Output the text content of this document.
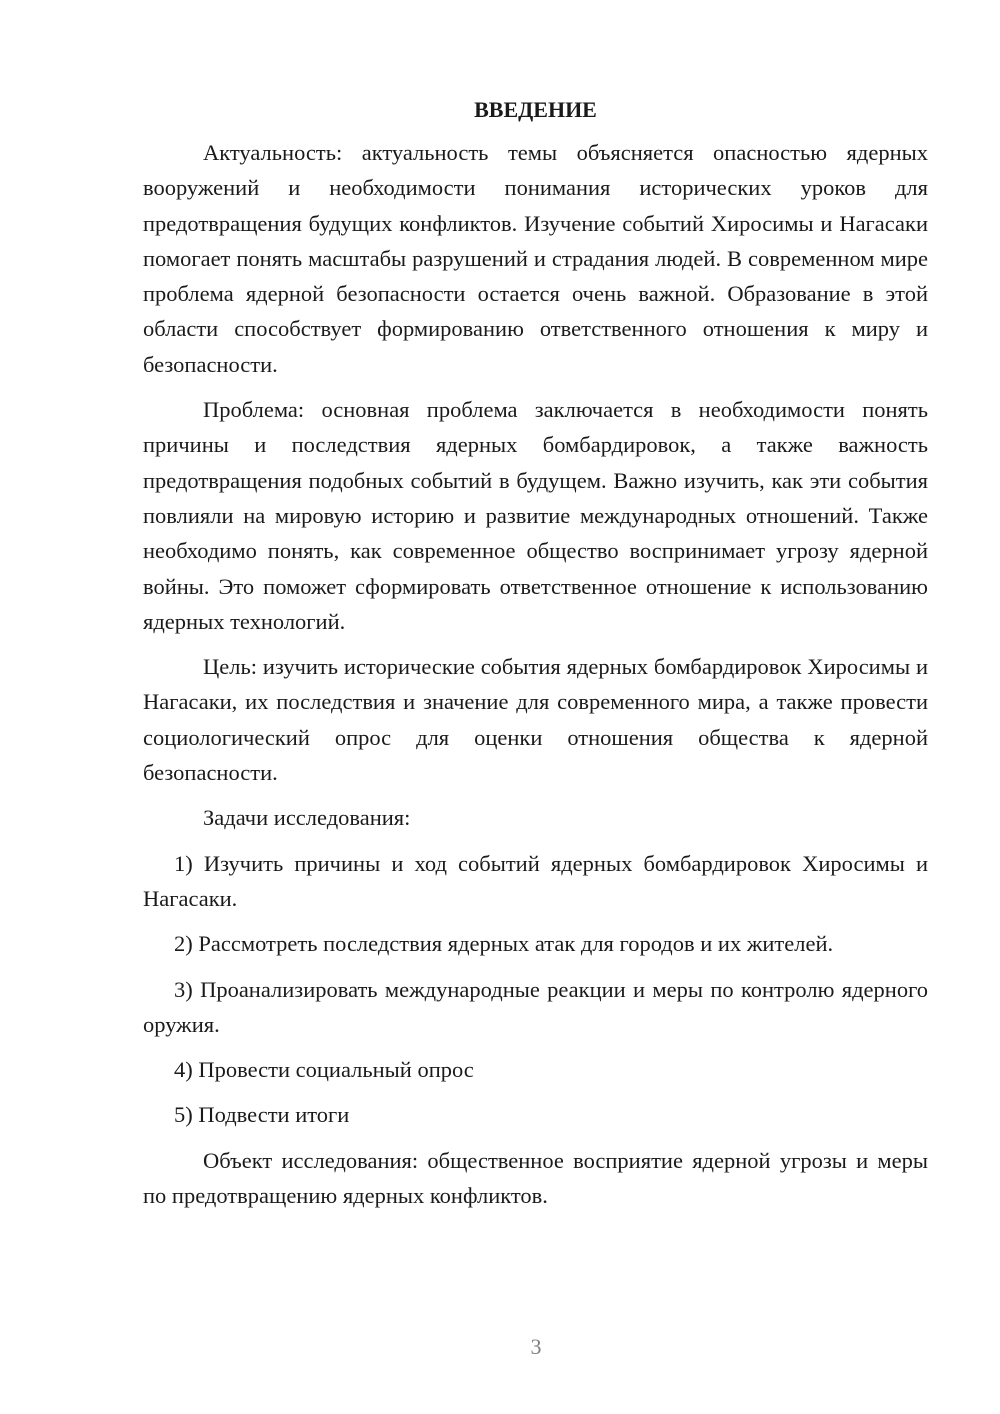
ВВЕДЕНИЕ

Актуальность: актуальность темы объясняется опасностью ядерных вооружений и необходимости понимания исторических уроков для предотвращения будущих конфликтов. Изучение событий Хиросимы и Нагасаки помогает понять масштабы разрушений и страдания людей. В современном мире проблема ядерной безопасности остается очень важной. Образование в этой области способствует формированию ответственного отношения к миру и безопасности.

Проблема: основная проблема заключается в необходимости понять причины и последствия ядерных бомбардировок, а также важность предотвращения подобных событий в будущем. Важно изучить, как эти события повлияли на мировую историю и развитие международных отношений. Также необходимо понять, как современное общество воспринимает угрозу ядерной войны. Это поможет сформировать ответственное отношение к использованию ядерных технологий.

Цель: изучить исторические события ядерных бомбардировок Хиросимы и Нагасаки, их последствия и значение для современного мира, а также провести социологический опрос для оценки отношения общества к ядерной безопасности.

Задачи исследования:

1) Изучить причины и ход событий ядерных бомбардировок Хиросимы и Нагасаки.

2) Рассмотреть последствия ядерных атак для городов и их жителей.

3) Проанализировать международные реакции и меры по контролю ядерного оружия.

4) Провести социальный опрос

5) Подвести итоги

Объект исследования: общественное восприятие ядерной угрозы и меры по предотвращению ядерных конфликтов.

3
